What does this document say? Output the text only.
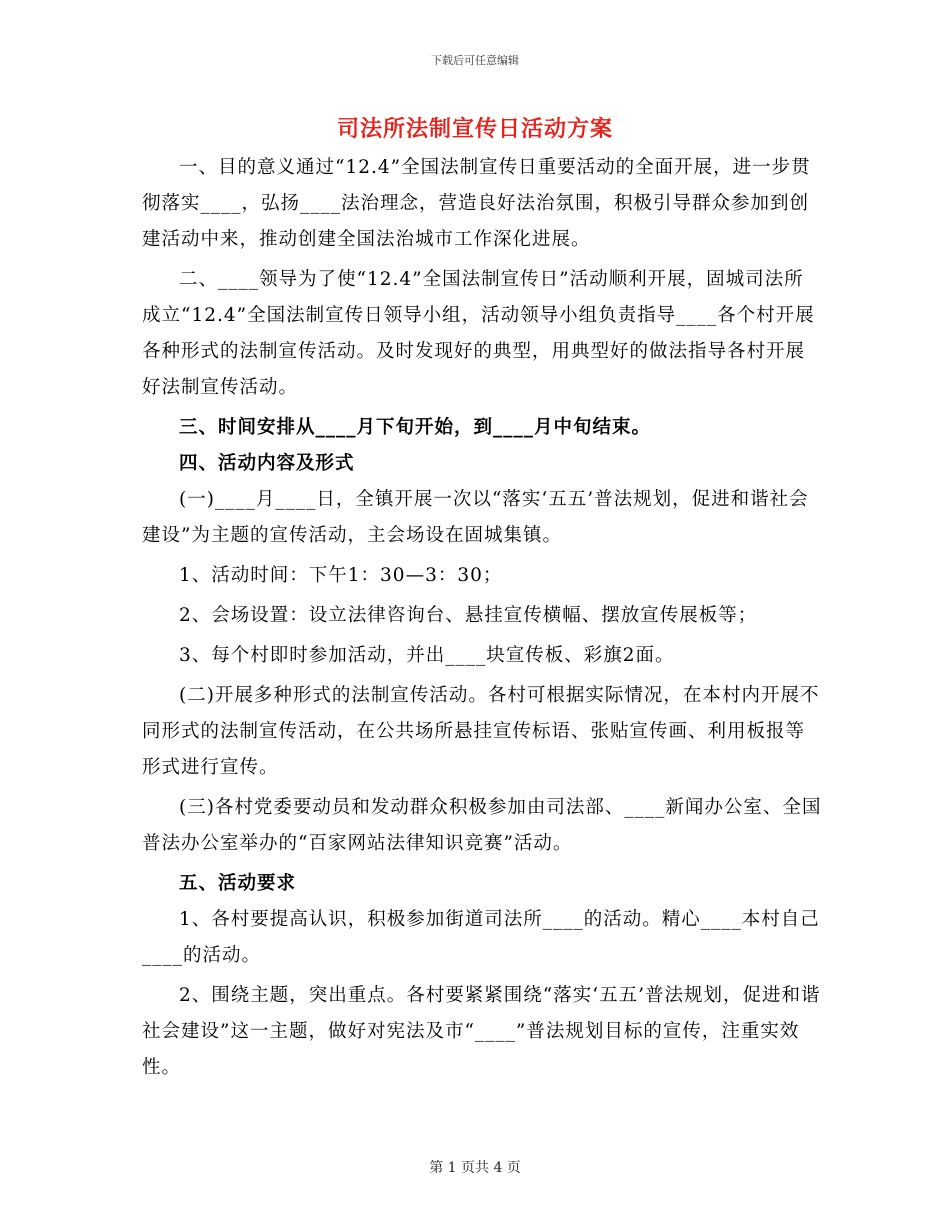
下载后可任意编辑
司法所法制宣传日活动方案

一、目的意义通过“12.4”全国法制宣传日重要活动的全面开展，进一步贯彻落实____，弘扬____法治理念，营造良好法治氛围，积极引导群众参加到创建活动中来，推动创建全国法治城市工作深化进展。

二、____领导为了使“12.4”全国法制宣传日”活动顺利开展，固城司法所成立“12.4”全国法制宣传日领导小组，活动领导小组负责指导____各个村开展各种形式的法制宣传活动。及时发现好的典型，用典型好的做法指导各村开展好法制宣传活动。

三、时间安排从____月下旬开始，到____月中旬结束。

四、活动内容及形式

(一)____月____日，全镇开展一次以“落实‘五五’普法规划，促进和谐社会建设”为主题的宣传活动，主会场设在固城集镇。

1、活动时间：下午1：30—3：30；

2、会场设置：设立法律咨询台、悬挂宣传横幅、摆放宣传展板等；

3、每个村即时参加活动，并出____块宣传板、彩旗2面。

(二)开展多种形式的法制宣传活动。各村可根据实际情况，在本村内开展不同形式的法制宣传活动，在公共场所悬挂宣传标语、张贴宣传画、利用板报等形式进行宣传。

(三)各村党委要动员和发动群众积极参加由司法部、____新闻办公室、全国普法办公室举办的“百家网站法律知识竞赛”活动。

五、活动要求

1、各村要提高认识，积极参加街道司法所____的活动。精心____本村自己____的活动。

2、围绕主题，突出重点。各村要紧紧围绕“落实‘五五’普法规划，促进和谐社会建设”这一主题，做好对宪法及市“____”普法规划目标的宣传，注重实效性。

第 1 页共 4 页
